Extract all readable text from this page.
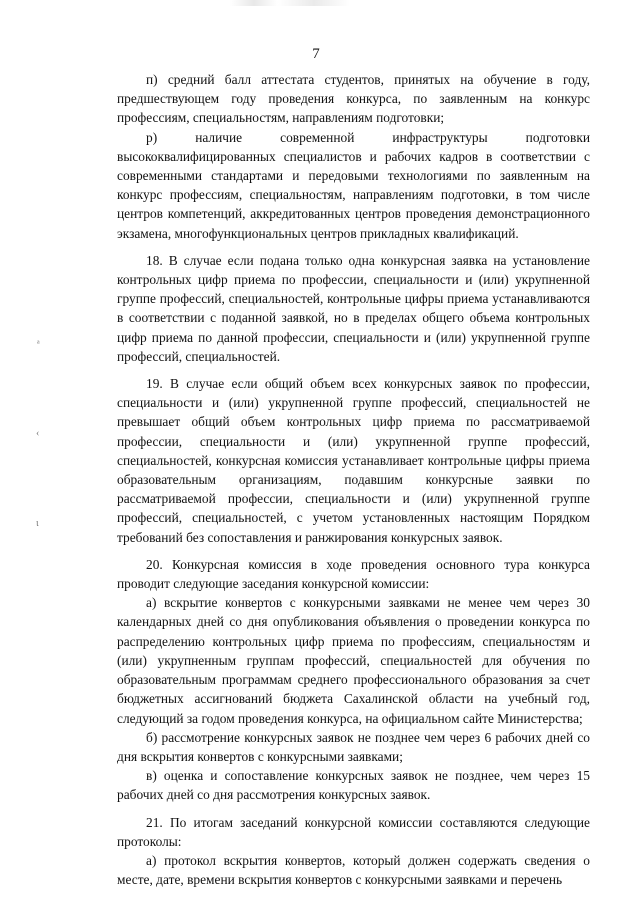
7
ᵃ
‹
ι

п) средний балл аттестата студентов, принятых на обучение в году, предшествующем году проведения конкурса, по заявленным на конкурс профессиям, специальностям, направлениям подготовки;

р) наличие современной инфраструктуры подготовки высококвалифицированных специалистов и рабочих кадров в соответствии с современными стандартами и передовыми технологиями по заявленным на конкурс профессиям, специальностям, направлениям подготовки, в том числе центров компетенций, аккредитованных центров проведения демонстрационного экзамена, многофункциональных центров прикладных квалификаций.

18. В случае если подана только одна конкурсная заявка на установление контрольных цифр приема по профессии, специальности и (или) укрупненной группе профессий, специальностей, контрольные цифры приема устанавливаются в соответствии с поданной заявкой, но в пределах общего объема контрольных цифр приема по данной профессии, специальности и (или) укрупненной группе профессий, специальностей.

19. В случае если общий объем всех конкурсных заявок по профессии, специальности и (или) укрупненной группе профессий, специальностей не превышает общий объем контрольных цифр приема по рассматриваемой профессии, специальности и (или) укрупненной группе профессий, специальностей, конкурсная комиссия устанавливает контрольные цифры приема образовательным организациям, подавшим конкурсные заявки по рассматриваемой профессии, специальности и (или) укрупненной группе профессий, специальностей, с учетом установленных настоящим Порядком требований без сопоставления и ранжирования конкурсных заявок.

20. Конкурсная комиссия в ходе проведения основного тура конкурса проводит следующие заседания конкурсной комиссии:

а) вскрытие конвертов с конкурсными заявками не менее чем через 30 календарных дней со дня опубликования объявления о проведении конкурса по распределению контрольных цифр приема по профессиям, специальностям и (или) укрупненным группам профессий, специальностей для обучения по образовательным программам среднего профессионального образования за счет бюджетных ассигнований бюджета Сахалинской области на учебный год, следующий за годом проведения конкурса, на официальном сайте Министерства;

б) рассмотрение конкурсных заявок не позднее чем через 6 рабочих дней со дня вскрытия конвертов с конкурсными заявками;

в) оценка и сопоставление конкурсных заявок не позднее, чем через 15 рабочих дней со дня рассмотрения конкурсных заявок.

21. По итогам заседаний конкурсной комиссии составляются следующие протоколы:

а) протокол вскрытия конвертов, который должен содержать сведения о месте, дате, времени вскрытия конвертов с конкурсными заявками и перечень
